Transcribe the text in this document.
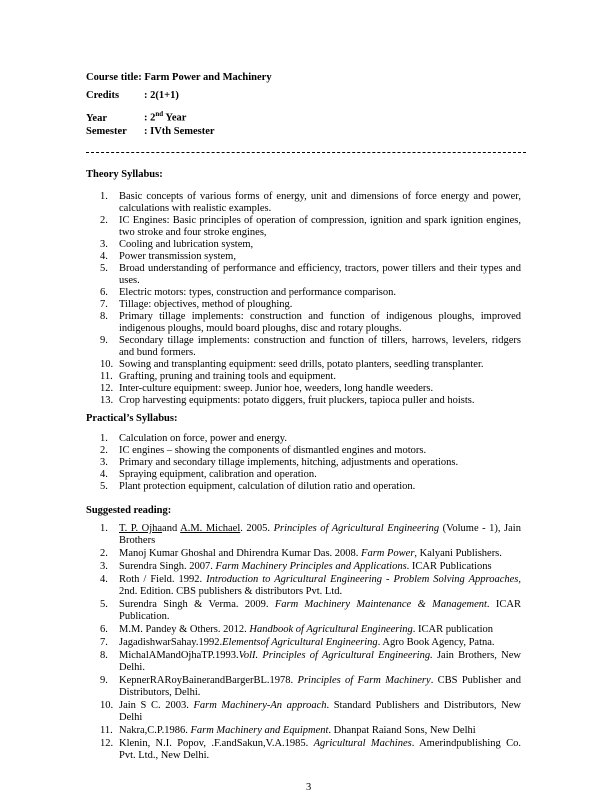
Course title: Farm Power and Machinery
Credits : 2(1+1)
Year	: 2nd Year
Semester : IVth Semester
Theory Syllabus:
1. Basic concepts of various forms of energy, unit and dimensions of force energy and power, calculations with realistic examples.
2. IC Engines: Basic principles of operation of compression, ignition and spark ignition engines, two stroke and four stroke engines,
3. Cooling and lubrication system,
4. Power transmission system,
5. Broad understanding of performance and efficiency, tractors, power tillers and their types and uses.
6. Electric motors: types, construction and performance comparison.
7. Tillage: objectives, method of ploughing.
8. Primary tillage implements: construction and function of indigenous ploughs, improved indigenous ploughs, mould board ploughs, disc and rotary ploughs.
9. Secondary tillage implements: construction and function of tillers, harrows, levelers, ridgers and bund formers.
10. Sowing and transplanting equipment: seed drills, potato planters, seedling transplanter.
11. Grafting, pruning and training tools and equipment.
12. Inter-culture equipment: sweep. Junior hoe, weeders, long handle weeders.
13. Crop harvesting equipments: potato diggers, fruit pluckers, tapioca puller and hoists.
Practical’s Syllabus:
1. Calculation on force, power and energy.
2. IC engines – showing the components of dismantled engines and motors.
3. Primary and secondary tillage implements, hitching, adjustments and operations.
4. Spraying equipment, calibration and operation.
5. Plant protection equipment, calculation of dilution ratio and operation.
Suggested reading:
1. T. P. Ojhaand A.M. Michael. 2005. Principles of Agricultural Engineering (Volume - 1), Jain Brothers
2. Manoj Kumar Ghoshal and Dhirendra Kumar Das. 2008. Farm Power, Kalyani Publishers.
3. Surendra Singh. 2007. Farm Machinery Principles and Applications. ICAR Publications
4. Roth / Field. 1992. Introduction to Agricultural Engineering - Problem Solving Approaches, 2nd. Edition. CBS publishers & distributors Pvt. Ltd.
5. Surendra Singh & Verma. 2009. Farm Machinery Maintenance & Management. ICAR Publication.
6. M.M. Pandey & Others. 2012. Handbook of Agricultural Engineering. ICAR publication
7. JagadishwarSahay.1992.Elementsof Agricultural Engineering. Agro Book Agency, Patna.
8. MichalAMandOjhaTP.1993.VolI. Principles of Agricultural Engineering. Jain Brothers, New Delhi.
9. KepnerRARoyBainerandBargerBL.1978. Principles of Farm Machinery. CBS Publisher and Distributors, Delhi.
10. Jain S C. 2003. Farm Machinery-An approach. Standard Publishers and Distributors, New Delhi
11. Nakra,C.P.1986. Farm Machinery and Equipment. Dhanpat Raiand Sons, New Delhi
12. Klenin, N.I. Popov, .F.andSakun,V.A.1985. Agricultural Machines. Amerindpublishing Co. Pvt. Ltd., New Delhi.
3
